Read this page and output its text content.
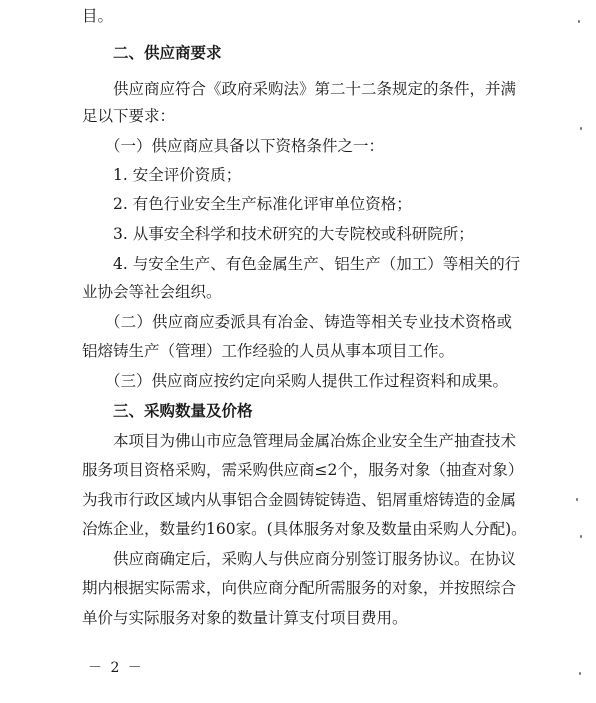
目。
二、供应商要求
供应商应符合《政府采购法》第二十二条规定的条件，并满
足以下要求：
（一）供应商应具备以下资格条件之一：
1. 安全评价资质；
2. 有色行业安全生产标准化评审单位资格；
3. 从事安全科学和技术研究的大专院校或科研院所；
4. 与安全生产、有色金属生产、铝生产（加工）等相关的行
业协会等社会组织。
（二）供应商应委派具有冶金、铸造等相关专业技术资格或
铝熔铸生产（管理）工作经验的人员从事本项目工作。
（三）供应商应按约定向采购人提供工作过程资料和成果。
三、采购数量及价格
本项目为佛山市应急管理局金属冶炼企业安全生产抽查技术
服务项目资格采购，需采购供应商≤2个，服务对象（抽查对象）
为我市行政区域内从事铝合金圆铸锭铸造、铝屑重熔铸造的金属
冶炼企业，数量约160家。(具体服务对象及数量由采购人分配)。
供应商确定后，采购人与供应商分别签订服务协议。在协议
期内根据实际需求，向供应商分配所需服务的对象，并按照综合
单价与实际服务对象的数量计算支付项目费用。
－ 2 －
